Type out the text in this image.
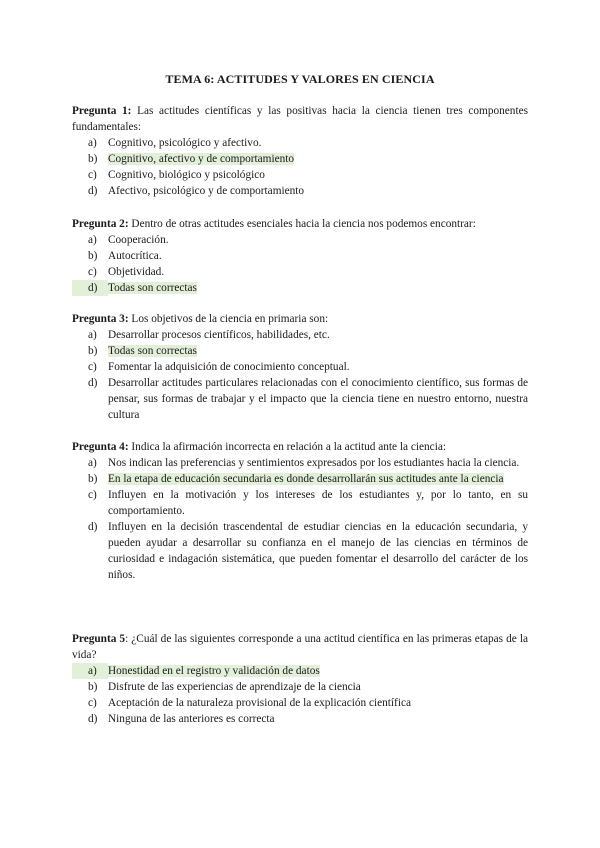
TEMA 6: ACTITUDES Y VALORES EN CIENCIA
Pregunta 1: Las actitudes científicas y las positivas hacia la ciencia tienen tres componentes fundamentales:
a) Cognitivo, psicológico y afectivo.
b) Cognitivo, afectivo y de comportamiento
c) Cognitivo, biológico y psicológico
d) Afectivo, psicológico y de comportamiento
Pregunta 2: Dentro de otras actitudes esenciales hacia la ciencia nos podemos encontrar:
a) Cooperación.
b) Autocrítica.
c) Objetividad.
d) Todas son correctas
Pregunta 3: Los objetivos de la ciencia en primaria son:
a) Desarrollar procesos científicos, habilidades, etc.
b) Todas son correctas
c) Fomentar la adquisición de conocimiento conceptual.
d) Desarrollar actitudes particulares relacionadas con el conocimiento científico, sus formas de pensar, sus formas de trabajar y el impacto que la ciencia tiene en nuestro entorno, nuestra cultura
Pregunta 4: Indica la afirmación incorrecta en relación a la actitud ante la ciencia:
a) Nos indican las preferencias y sentimientos expresados por los estudiantes hacia la ciencia.
b) En la etapa de educación secundaria es donde desarrollarán sus actitudes ante la ciencia
c) Influyen en la motivación y los intereses de los estudiantes y, por lo tanto, en su comportamiento.
d) Influyen en la decisión trascendental de estudiar ciencias en la educación secundaria, y pueden ayudar a desarrollar su confianza en el manejo de las ciencias en términos de curiosidad e indagación sistemática, que pueden fomentar el desarrollo del carácter de los niños.
Pregunta 5: ¿Cuál de las siguientes corresponde a una actitud científica en las primeras etapas de la vida?
a) Honestidad en el registro y validación de datos
b) Disfrute de las experiencias de aprendizaje de la ciencia
c) Aceptación de la naturaleza provisional de la explicación científica
d) Ninguna de las anteriores es correcta
